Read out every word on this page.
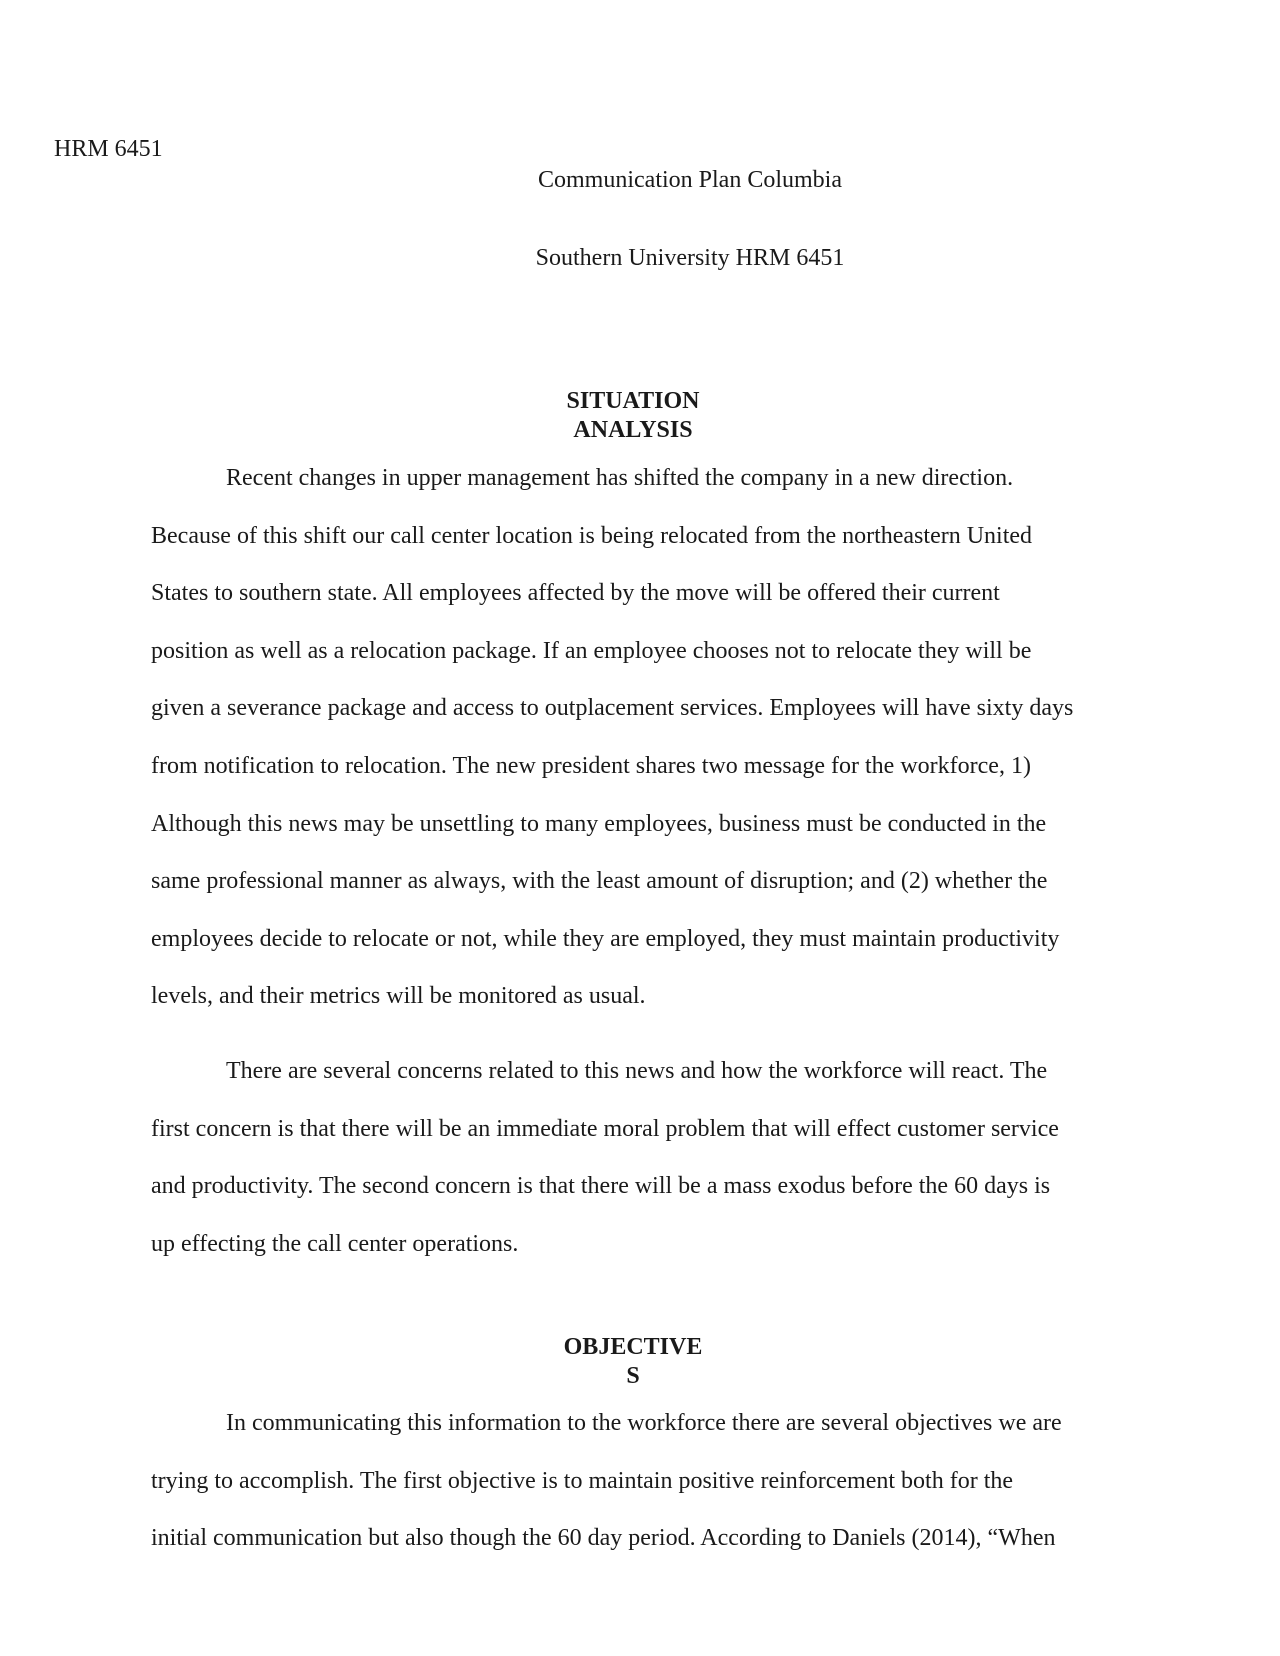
HRM 6451

Communication Plan Columbia

Southern University HRM 6451

SITUATION
ANALYSIS

Recent changes in upper management has shifted the company in a new direction.
Because of this shift our call center location is being relocated from the northeastern United
States to southern state. All employees affected by the move will be offered their current
position as well as a relocation package. If an employee chooses not to relocate they will be
given a severance package and access to outplacement services. Employees will have sixty days
from notification to relocation. The new president shares two message for the workforce, 1)
Although this news may be unsettling to many employees, business must be conducted in the
same professional manner as always, with the least amount of disruption; and (2) whether the
employees decide to relocate or not, while they are employed, they must maintain productivity
levels, and their metrics will be monitored as usual.

There are several concerns related to this news and how the workforce will react. The
first concern is that there will be an immediate moral problem that will effect customer service
and productivity. The second concern is that there will be a mass exodus before the 60 days is
up effecting the call center operations.

OBJECTIVE
S

In communicating this information to the workforce there are several objectives we are
trying to accomplish. The first objective is to maintain positive reinforcement both for the
initial communication but also though the 60 day period. According to Daniels (2014), “When
